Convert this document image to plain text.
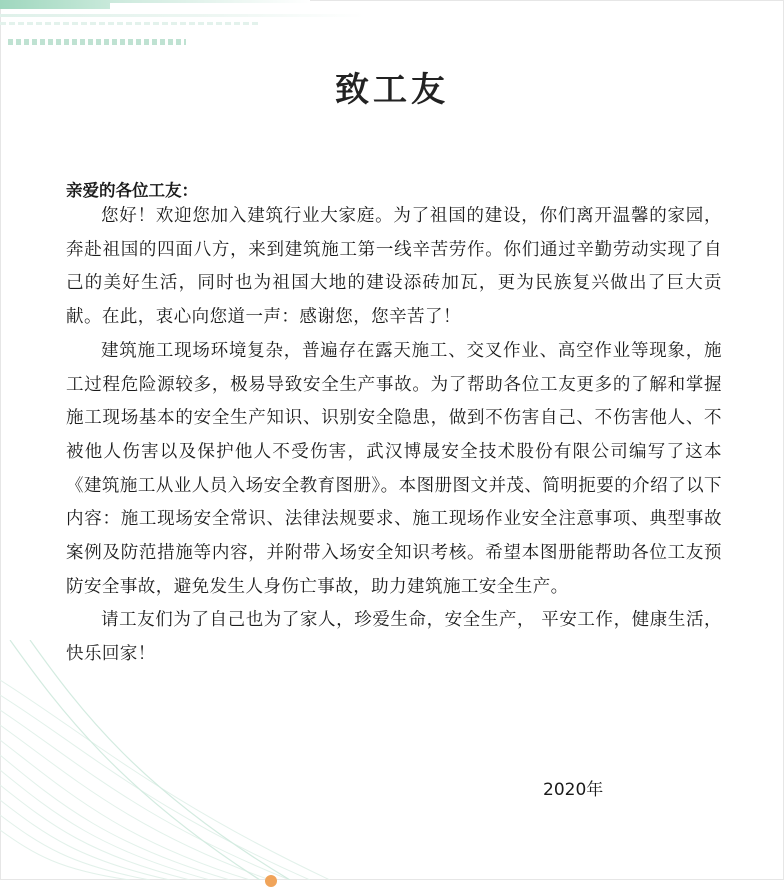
致工友
亲爱的各位工友：

您好！欢迎您加入建筑行业大家庭。为了祖国的建设，你们离开温馨的家园，奔赴祖国的四面八方，来到建筑施工第一线辛苦劳作。你们通过辛勤劳动实现了自己的美好生活，同时也为祖国大地的建设添砖加瓦，更为民族复兴做出了巨大贡献。在此，衷心向您道一声：感谢您，您辛苦了！

建筑施工现场环境复杂，普遍存在露天施工、交叉作业、高空作业等现象，施工过程危险源较多，极易导致安全生产事故。为了帮助各位工友更多的了解和掌握施工现场基本的安全生产知识、识别安全隐患，做到不伤害自己、不伤害他人、不被他人伤害以及保护他人不受伤害，武汉博晟安全技术股份有限公司编写了这本《建筑施工从业人员入场安全教育图册》。本图册图文并茂、简明扼要的介绍了以下内容：施工现场安全常识、法律法规要求、施工现场作业安全注意事项、典型事故案例及防范措施等内容，并附带入场安全知识考核。希望本图册能帮助各位工友预防安全事故，避免发生人身伤亡事故，助力建筑施工安全生产。

请工友们为了自己也为了家人，珍爱生命，安全生产， 平安工作，健康生活，快乐回家！

2020年
